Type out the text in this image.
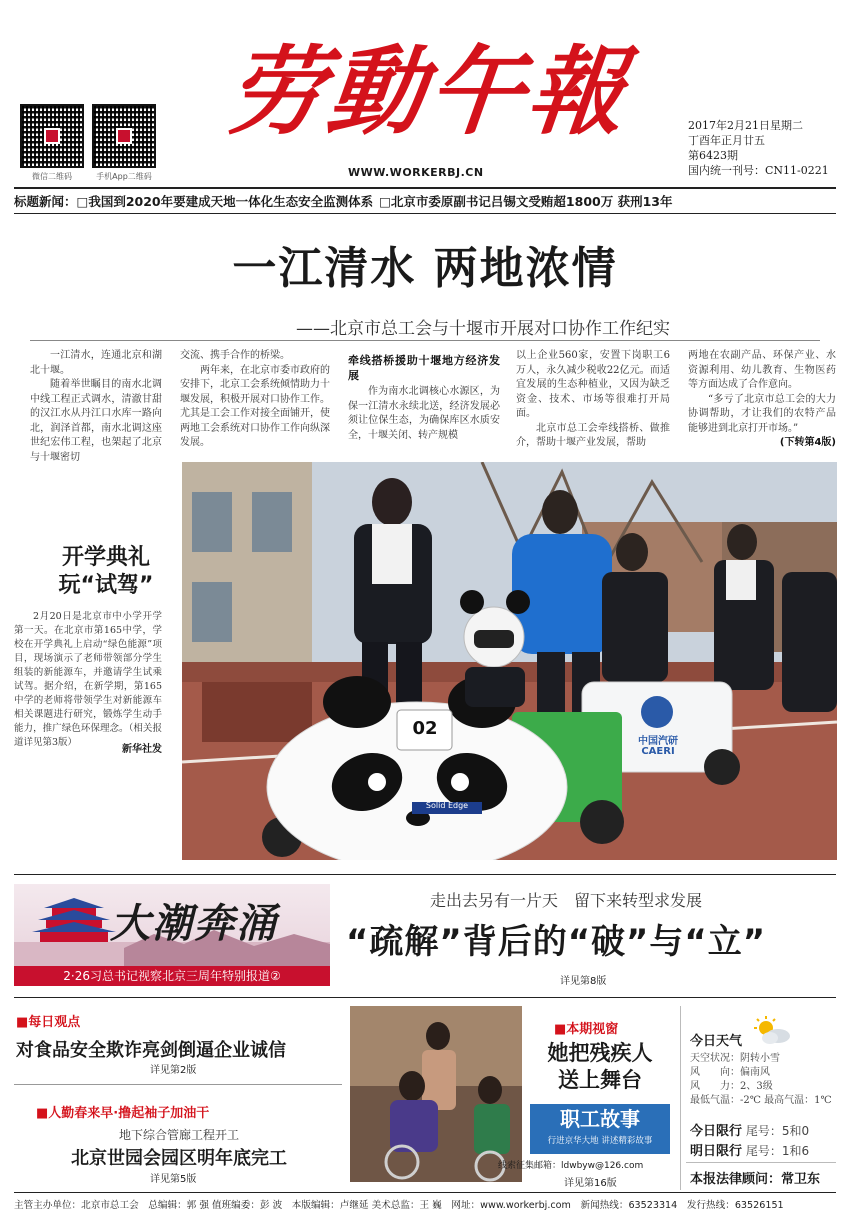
微信二维码	手机App二维码
劳動午報
WWW.WORKERBJ.CN
2017年2月21日星期二
丁酉年正月廿五
第6423期
国内统一刊号：CN11-0221
标题新闻：□我国到2020年要建成天地一体化生态安全监测体系 □北京市委原副书记吕锡文受贿超1800万 获刑13年
一江清水 两地浓情
——北京市总工会与十堰市开展对口协作工作纪实

一江清水，连通北京和湖北十堰。

随着举世瞩目的南水北调中线工程正式调水，清澈甘甜的汉江水从丹江口水库一路向北，润泽首都，南水北调这座世纪宏伟工程，也架起了北京与十堰密切

交流、携手合作的桥梁。

两年来，在北京市委市政府的安排下，北京工会系统倾情助力十堰发展，积极开展对口协作工作。尤其是工会工作对接全面铺开，使两地工会系统对口协作工作向纵深发展。

牵线搭桥援助十堰地方经济发展

作为南水北调核心水源区，为保一江清水永续北送，经济发展必须让位保生态，为确保库区水质安全，十堰关闭、转产规模

以上企业560家，安置下岗职工6万人，永久减少税收22亿元。而适宜发展的生态种植业，又因为缺乏资金、技术、市场等很难打开局面。

北京市总工会牵线搭桥、做推介，帮助十堰产业发展，帮助

两地在农副产品、环保产业、水资源利用、幼儿教育、生物医药等方面达成了合作意向。

“多亏了北京市总工会的大力协调帮助，才让我们的农特产品能够进到北京打开市场。”

(下转第4版)
开学典礼
玩“试驾”

2月20日是北京市中小学开学第一天。在北京市第165中学，学校在开学典礼上启动“绿色能源”项目，现场演示了老师带领部分学生组装的新能源车，并邀请学生试乘试驾。据介绍，在新学期，第165中学的老师将带领学生对新能源车相关课题进行研究，锻炼学生动手能力，推广绿色环保理念。（相关报道详见第3版）

新华社发
02
Solid Edge
中国汽研
CAERI
大潮奔涌
2·26习总书记视察北京三周年特别报道②
走出去另有一片天　留下来转型求发展
“疏解”背后的“破”与“立”
详见第8版
■每日观点
对食品安全欺诈亮剑倒逼企业诚信
详见第2版
■人勤春来早·撸起袖子加油干
地下综合管廊工程开工
北京世园会园区明年底完工
详见第5版
■本期视窗
她把残疾人
送上舞台
职工故事
行进京华大地 讲述精彩故事
线索征集邮箱：ldwbyw@126.com
详见第16版
今日天气
天空状况：阴转小雪
风　　向：偏南风
风　　力：2、3级
最低气温：-2℃ 最高气温：1℃
今日限行 尾号：5和0
明日限行 尾号：1和6
本报法律顾问：常卫东
主管主办单位：北京市总工会　总编辑：郭 强 值班编委：彭 波　本版编辑：卢继延 美术总监：王 巍　网址：www.workerbj.com　新闻热线：63523314　发行热线：63526151
